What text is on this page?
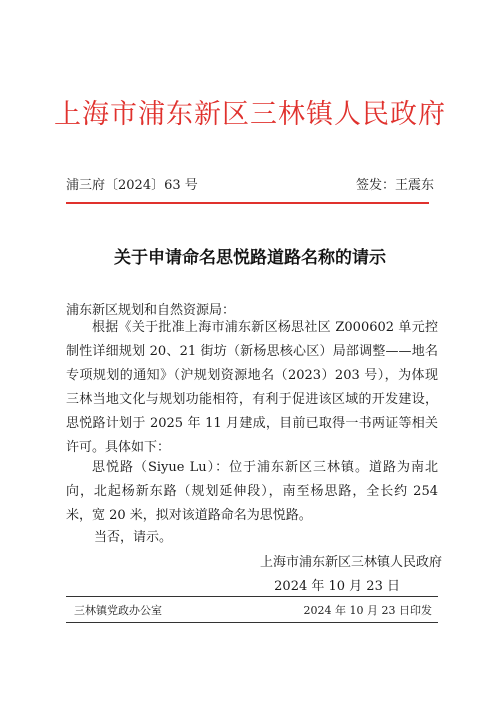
上海市浦东新区三林镇人民政府
浦三府〔2024〕63 号	签发：王震东
关于申请命名思悦路道路名称的请示
浦东新区规划和自然资源局：
根据《关于批准上海市浦东新区杨思社区 Z000602 单元控制性详细规划 20、21 街坊（新杨思核心区）局部调整——地名专项规划的通知》（沪规划资源地名（2023）203 号），为体现三林当地文化与规划功能相符，有利于促进该区域的开发建设，思悦路计划于 2025 年 11 月建成，目前已取得一书两证等相关许可。具体如下：
思悦路（Siyue Lu）：位于浦东新区三林镇。道路为南北向，北起杨新东路（规划延伸段），南至杨思路，全长约 254 米，宽 20 米，拟对该道路命名为思悦路。
当否，请示。
上海市浦东新区三林镇人民政府
2024 年 10 月 23 日
三林镇党政办公室	2024 年 10 月 23 日印发
